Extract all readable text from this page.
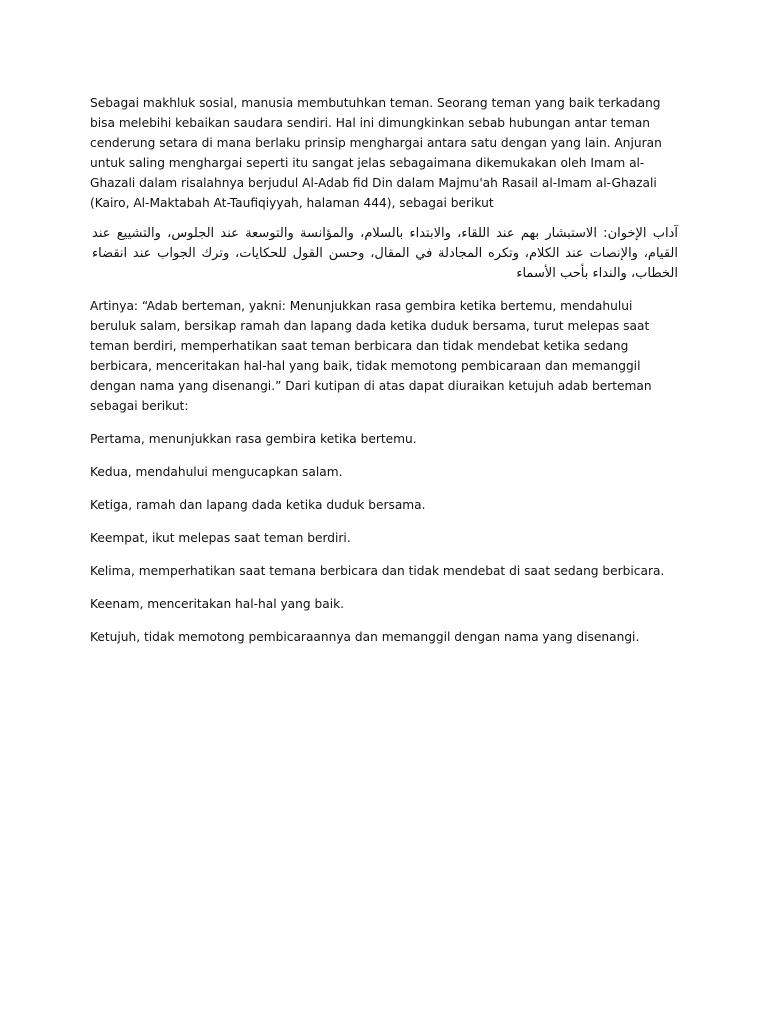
Sebagai makhluk sosial, manusia membutuhkan teman. Seorang teman yang baik terkadang bisa melebihi kebaikan saudara sendiri. Hal ini dimungkinkan sebab hubungan antar teman cenderung setara di mana berlaku prinsip menghargai antara satu dengan yang lain. Anjuran untuk saling menghargai seperti itu sangat jelas sebagaimana dikemukakan oleh Imam al-Ghazali dalam risalahnya berjudul Al-Adab fid Din dalam Majmu'ah Rasail al-Imam al-Ghazali (Kairo, Al-Maktabah At-Taufiqiyyah, halaman 444), sebagai berikut

آداب الإخوان: الاستبشار بهم عند اللقاء، والابتداء بالسلام، والمؤانسة والتوسعة عند الجلوس، والتشييع عند القيام، والإنصات عند الكلام، وتكره المجادلة في المقال، وحسن القول للحكايات، وترك الجواب عند انقضاء الخطاب، والنداء بأحب الأسماء

Artinya: “Adab berteman, yakni: Menunjukkan rasa gembira ketika bertemu, mendahului beruluk salam, bersikap ramah dan lapang dada ketika duduk bersama, turut melepas saat teman berdiri, memperhatikan saat teman berbicara dan tidak mendebat ketika sedang berbicara, menceritakan hal-hal yang baik, tidak memotong pembicaraan dan memanggil dengan nama yang disenangi.” Dari kutipan di atas dapat diuraikan ketujuh adab berteman sebagai berikut:

Pertama, menunjukkan rasa gembira ketika bertemu.

Kedua, mendahului mengucapkan salam.

Ketiga, ramah dan lapang dada ketika duduk bersama.

Keempat, ikut melepas saat teman berdiri.

Kelima, memperhatikan saat temana berbicara dan tidak mendebat di saat sedang berbicara.

Keenam, menceritakan hal-hal yang baik.

Ketujuh, tidak memotong pembicaraannya dan memanggil dengan nama yang disenangi.
